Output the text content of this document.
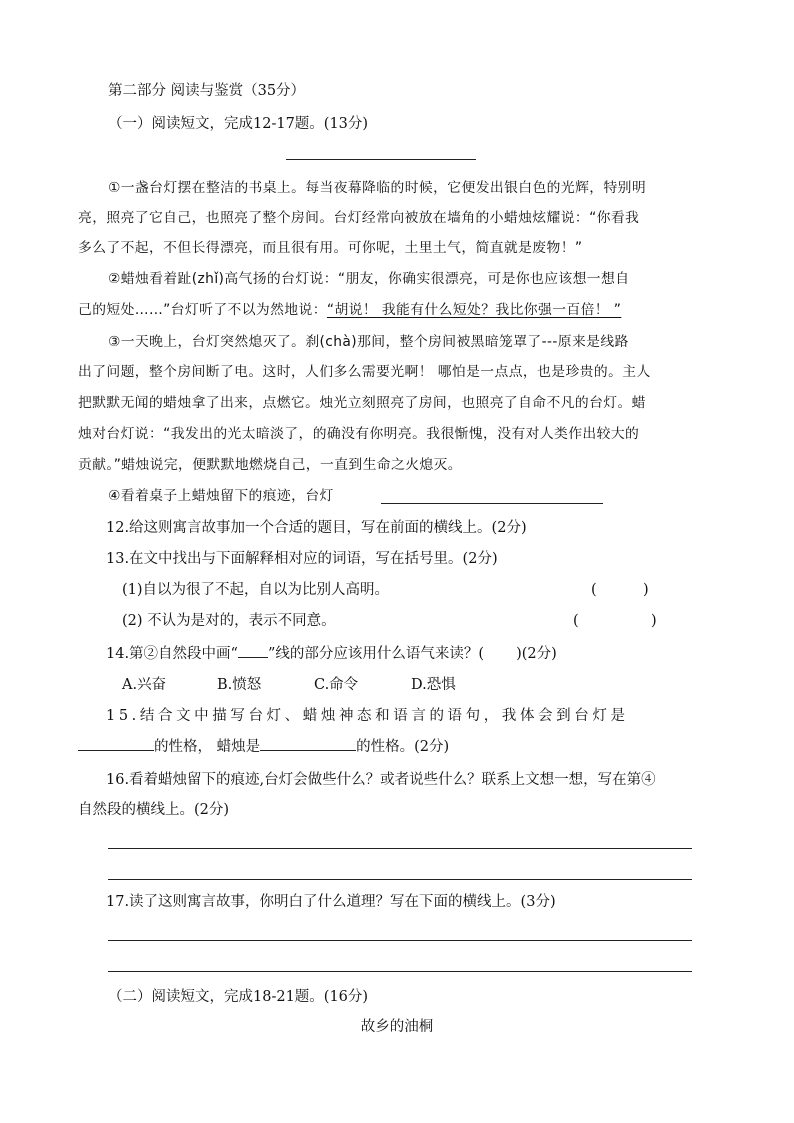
第二部分 阅读与鉴赏（35分）
（一）阅读短文，完成12-17题。(13分)
①一盏台灯摆在整洁的书桌上。每当夜幕降临的时候，它便发出银白色的光辉，特别明
亮，照亮了它自己，也照亮了整个房间。台灯经常向被放在墙角的小蜡烛炫耀说：“你看我
多么了不起，不但长得漂亮，而且很有用。可你呢，土里土气，简直就是废物！”
②蜡烛看着趾(zhǐ)高气扬的台灯说：“朋友，你确实很漂亮，可是你也应该想一想自
己的短处……”台灯听了不以为然地说：“胡说！ 我能有什么短处？我比你强一百倍！ ”
③一天晚上，台灯突然熄灭了。刹(chà)那间，整个房间被黑暗笼罩了---原来是线路
出了问题，整个房间断了电。这时，人们多么需要光啊！ 哪怕是一点点，也是珍贵的。主人
把默默无闻的蜡烛拿了出来，点燃它。烛光立刻照亮了房间，也照亮了自命不凡的台灯。蜡
烛对台灯说：“我发出的光太暗淡了，的确没有你明亮。我很惭愧，没有对人类作出较大的
贡献。”蜡烛说完，便默默地燃烧自己，一直到生命之火熄灭。
④看着桌子上蜡烛留下的痕迹，台灯
12.给这则寓言故事加一个合适的题目，写在前面的横线上。(2分)
13.在文中找出与下面解释相对应的词语，写在括号里。(2分)
(1)自以为很了不起，自以为比别人高明。	(	)
(2) 不认为是对的，表示不同意。	(	)
14.第②自然段中画“ ”线的部分应该用什么语气来读？( )(2分)
A.兴奋	B.愤怒	C.命令	D.恐惧
15.结合文中描写台灯、蜡烛神态和语言的语句，我体会到台灯是
的性格， 蜡烛是	的性格。(2分)
16.看着蜡烛留下的痕迹,台灯会做些什么？或者说些什么？联系上文想一想，写在第④
自然段的横线上。(2分)
17.读了这则寓言故事，你明白了什么道理？写在下面的横线上。(3分)
（二）阅读短文，完成18-21题。(16分)
故乡的油桐
